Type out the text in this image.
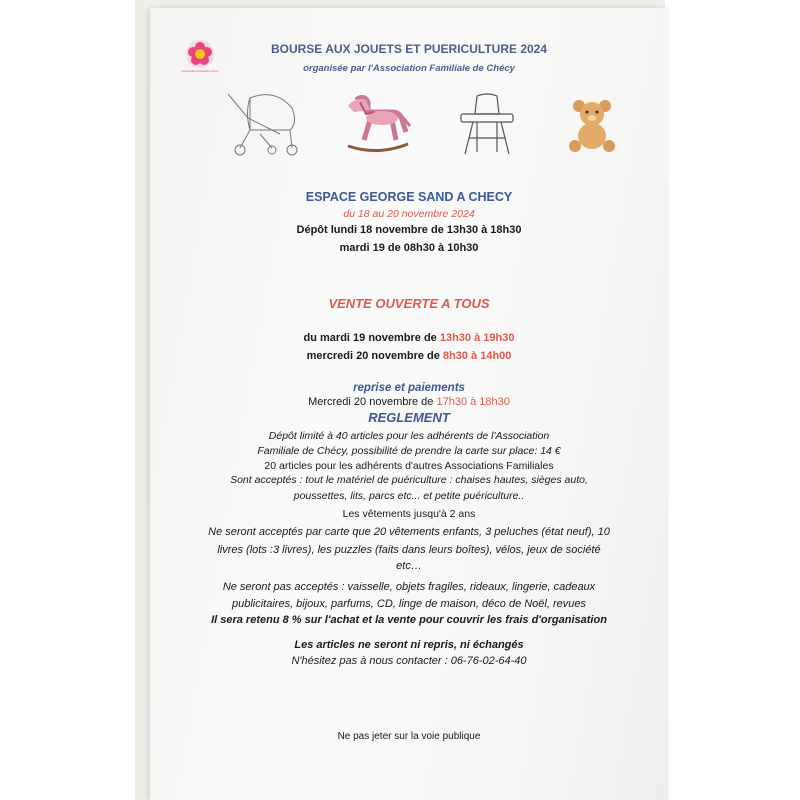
Association Familiale Chécy
BOURSE AUX JOUETS ET PUERICULTURE 2024
organisée par l'Association Familiale de Chécy
ESPACE GEORGE SAND A CHECY
du 18 au 20 novembre 2024
Dépôt lundi 18 novembre de 13h30 à 18h30
mardi 19 de 08h30 à 10h30
VENTE OUVERTE A TOUS
du mardi 19 novembre de 13h30 à 19h30
mercredi 20 novembre de 8h30 à 14h00
reprise et paiements
Mercredi 20 novembre de 17h30 à 18h30
REGLEMENT
Dépôt limité à 40 articles pour les adhérents de l'Association
Familiale de Chécy, possibilité de prendre la carte sur place: 14 €
20 articles pour les adhérents d'autres Associations Familiales
Sont acceptés : tout le matériel de puériculture : chaises hautes, sièges auto,
poussettes, lits, parcs etc... et petite puériculture..
Les vêtements jusqu'à 2 ans
Ne seront acceptés par carte que 20 vêtements enfants, 3 peluches (état neuf), 10
livres (lots :3 livres), les puzzles (faits dans leurs boîtes), vélos, jeux de société
etc…
Ne seront pas acceptés : vaisselle, objets fragiles, rideaux, lingerie, cadeaux
publicitaires, bijoux, parfums, CD, linge de maison, déco de Noël, revues
Il sera retenu 8 % sur l'achat et la vente pour couvrir les frais d'organisation
Les articles ne seront ni repris, ni échangés
N'hésitez pas à nous contacter : 06-76-02-64-40
Ne pas jeter sur la voie publique
